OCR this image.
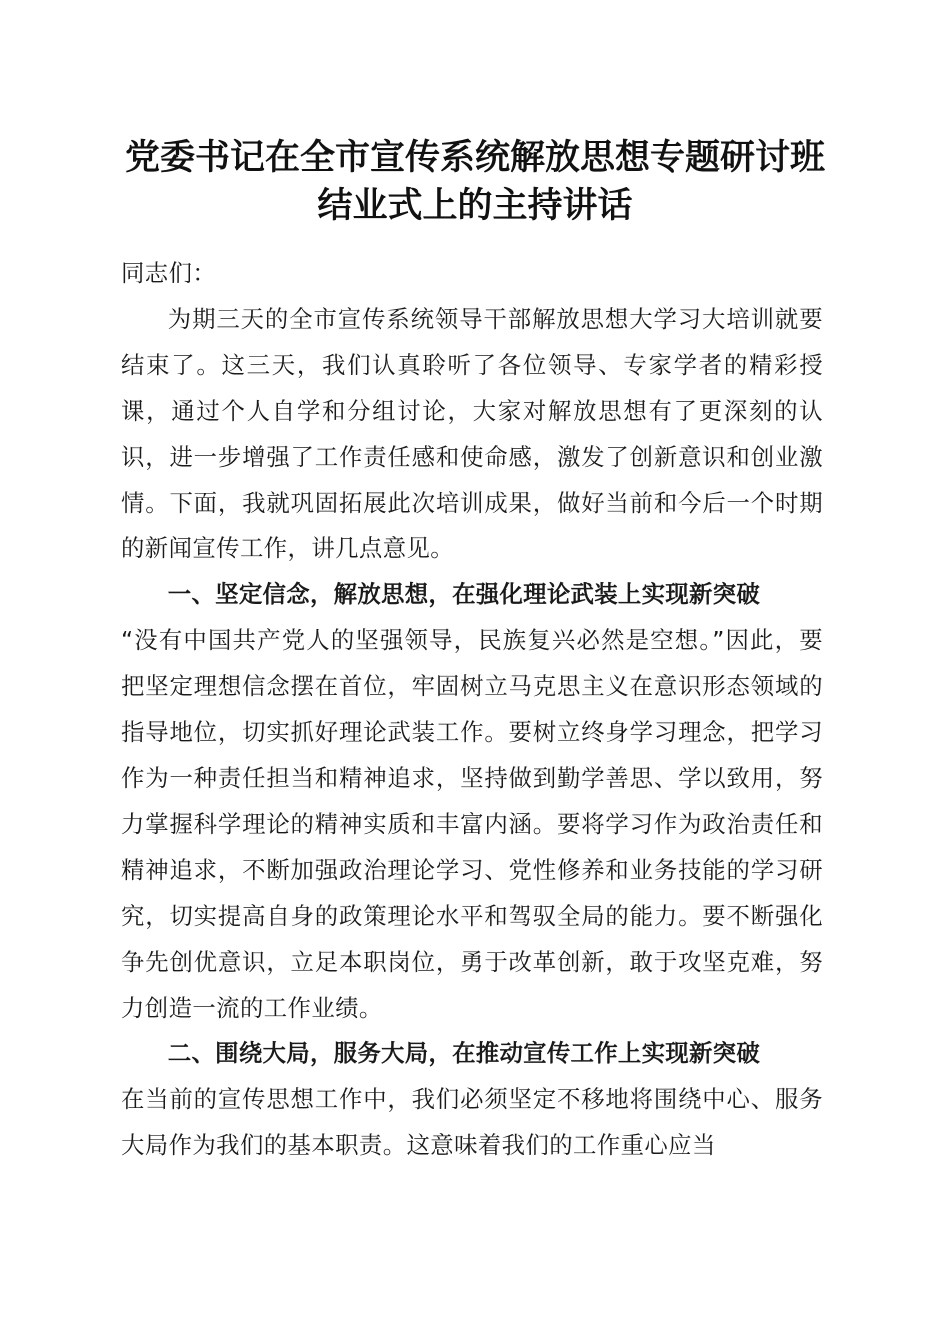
党委书记在全市宣传系统解放思想专题研讨班
结业式上的主持讲话

同志们：

为期三天的全市宣传系统领导干部解放思想大学习大培训就要结束了。这三天，我们认真聆听了各位领导、专家学者的精彩授课，通过个人自学和分组讨论，大家对解放思想有了更深刻的认识，进一步增强了工作责任感和使命感，激发了创新意识和创业激情。下面，我就巩固拓展此次培训成果，做好当前和今后一个时期的新闻宣传工作，讲几点意见。

一、坚定信念，解放思想，在强化理论武装上实现新突破

“没有中国共产党人的坚强领导，民族复兴必然是空想。”因此，要把坚定理想信念摆在首位，牢固树立马克思主义在意识形态领域的指导地位，切实抓好理论武装工作。要树立终身学习理念，把学习作为一种责任担当和精神追求，坚持做到勤学善思、学以致用，努力掌握科学理论的精神实质和丰富内涵。要将学习作为政治责任和精神追求，不断加强政治理论学习、党性修养和业务技能的学习研究，切实提高自身的政策理论水平和驾驭全局的能力。要不断强化争先创优意识，立足本职岗位，勇于改革创新，敢于攻坚克难，努力创造一流的工作业绩。

二、围绕大局，服务大局，在推动宣传工作上实现新突破

在当前的宣传思想工作中，我们必须坚定不移地将围绕中心、服务大局作为我们的基本职责。这意味着我们的工作重心应当
